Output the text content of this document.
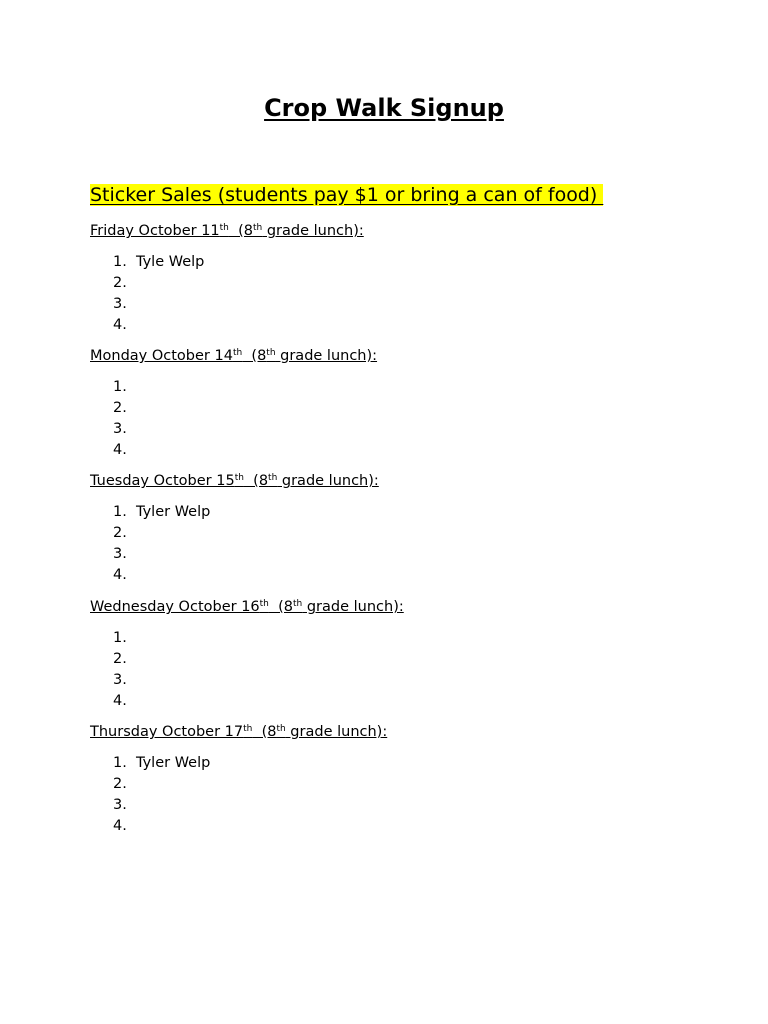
Crop Walk Signup

Sticker Sales (students pay $1 or bring a can of food)

Friday October 11th  (8th grade lunch):

1. Tyle Welp
2.
3.
4.

Monday October 14th  (8th grade lunch):

1.
2.
3.
4.

Tuesday October 15th  (8th grade lunch):

1. Tyler Welp
2.
3.
4.

Wednesday October 16th  (8th grade lunch):

1.
2.
3.
4.

Thursday October 17th  (8th grade lunch):

1. Tyler Welp
2.
3.
4.
